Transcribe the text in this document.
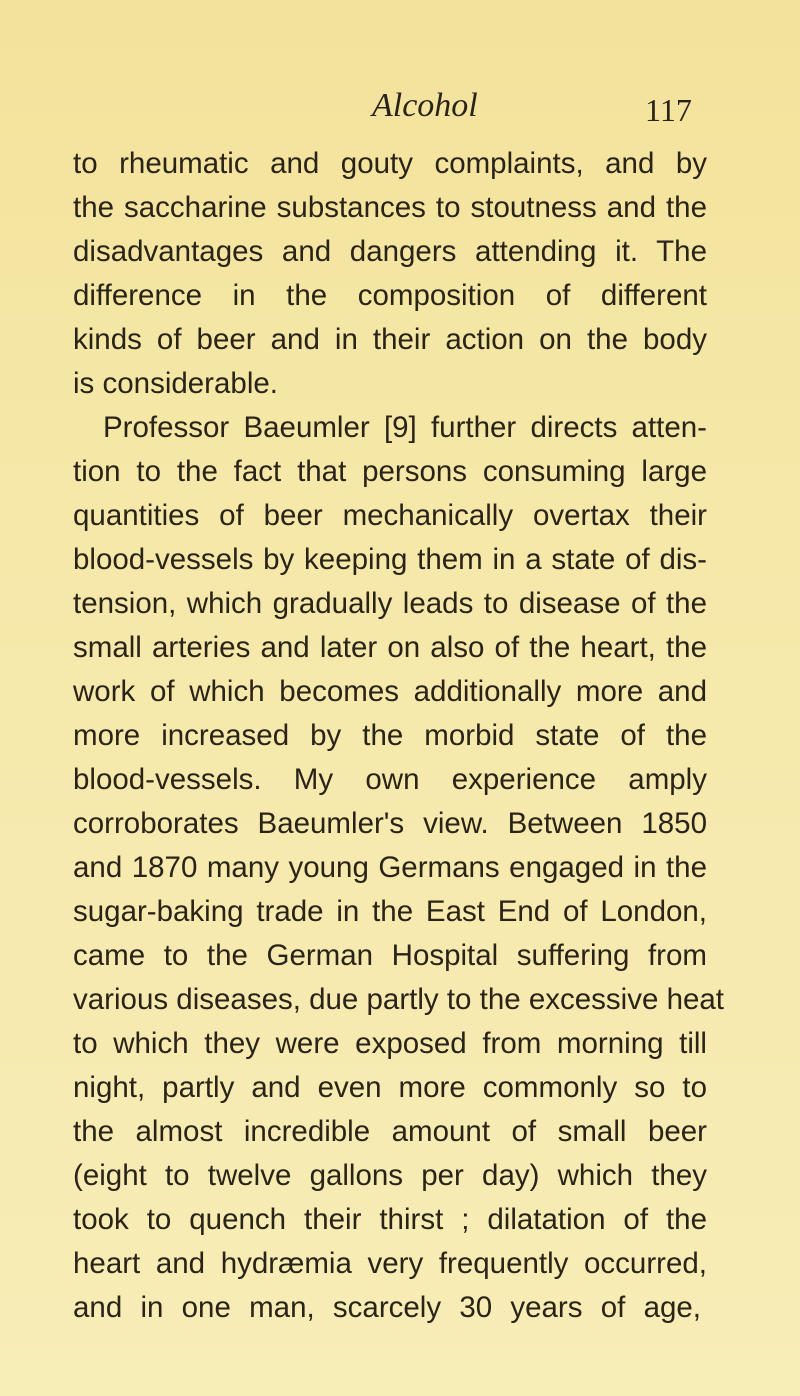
Alcohol	117
to rheumatic and gouty complaints, and by
the saccharine substances to stoutness and the
disadvantages and dangers attending it. The
difference in the composition of different
kinds of beer and in their action on the body
is considerable.
Professor Baeumler [9] further directs atten-
tion to the fact that persons consuming large
quantities of beer mechanically overtax their
blood-vessels by keeping them in a state of dis-
tension, which gradually leads to disease of the
small arteries and later on also of the heart, the
work of which becomes additionally more and
more increased by the morbid state of the
blood-vessels. My own experience amply
corroborates Baeumler's view. Between 1850
and 1870 many young Germans engaged in the
sugar-baking trade in the East End of London,
came to the German Hospital suffering from
various diseases, due partly to the excessive heat
to which they were exposed from morning till
night, partly and even more commonly so to
the almost incredible amount of small beer
(eight to twelve gallons per day) which they
took to quench their thirst ; dilatation of the
heart and hydræmia very frequently occurred,
and in one man, scarcely 30 years of age,
